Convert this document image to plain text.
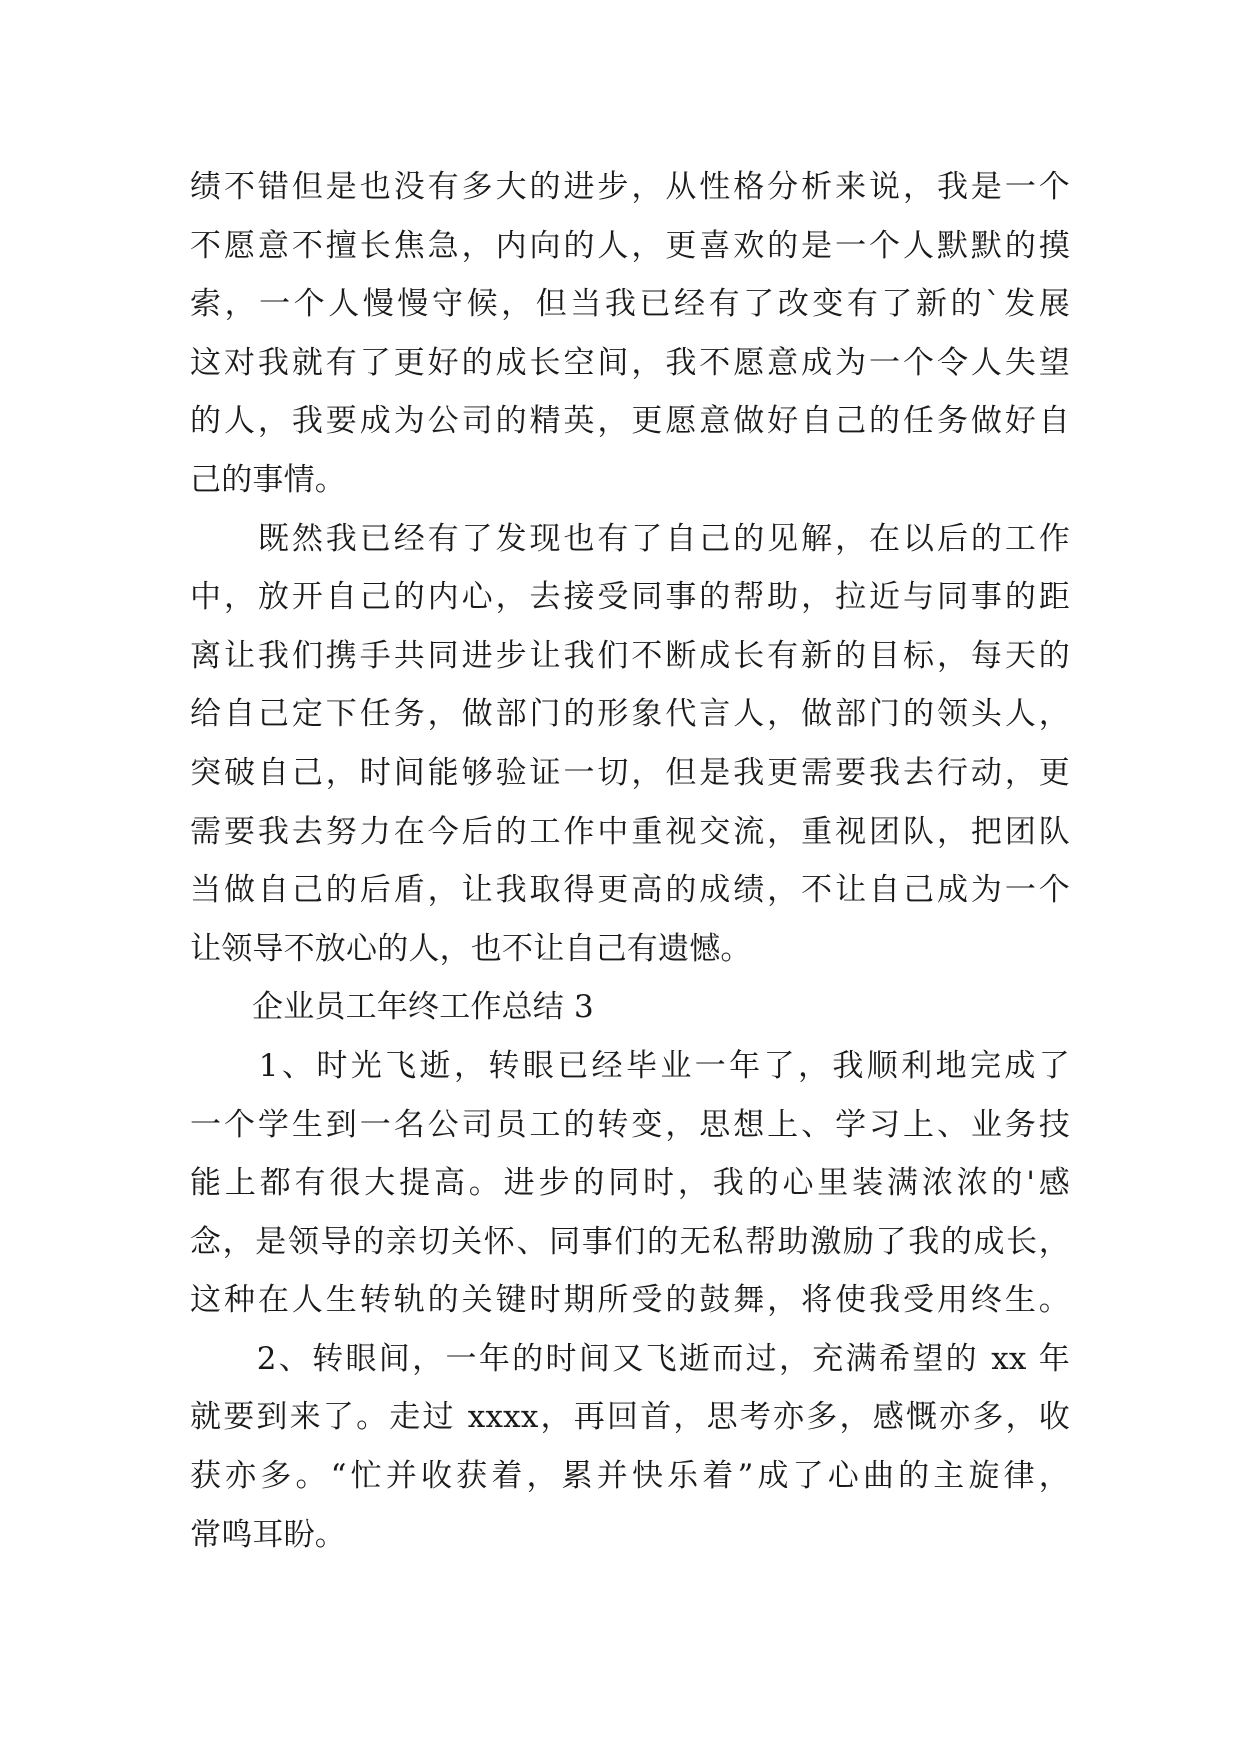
绩不错但是也没有多大的进步，从性格分析来说，我是一个
不愿意不擅长焦急，内向的人，更喜欢的是一个人默默的摸
索，一个人慢慢守候，但当我已经有了改变有了新的`发展
这对我就有了更好的成长空间，我不愿意成为一个令人失望
的人，我要成为公司的精英，更愿意做好自己的任务做好自
己的事情。
　　既然我已经有了发现也有了自己的见解，在以后的工作
中，放开自己的内心，去接受同事的帮助，拉近与同事的距
离让我们携手共同进步让我们不断成长有新的目标，每天的
给自己定下任务，做部门的形象代言人，做部门的领头人，
突破自己，时间能够验证一切，但是我更需要我去行动，更
需要我去努力在今后的工作中重视交流，重视团队，把团队
当做自己的后盾，让我取得更高的成绩，不让自己成为一个
让领导不放心的人，也不让自己有遗憾。
企业员工年终工作总结 3
　　1、时光飞逝，转眼已经毕业一年了，我顺利地完成了
一个学生到一名公司员工的转变，思想上、学习上、业务技
能上都有很大提高。进步的同时，我的心里装满浓浓的'感
念，是领导的亲切关怀、同事们的无私帮助激励了我的成长，
这种在人生转轨的关键时期所受的鼓舞，将使我受用终生。
　　2、转眼间，一年的时间又飞逝而过，充满希望的 xx 年
就要到来了。走过 xxxx，再回首，思考亦多，感慨亦多，收
获亦多。“忙并收获着，累并快乐着”成了心曲的主旋律，
常鸣耳盼。
